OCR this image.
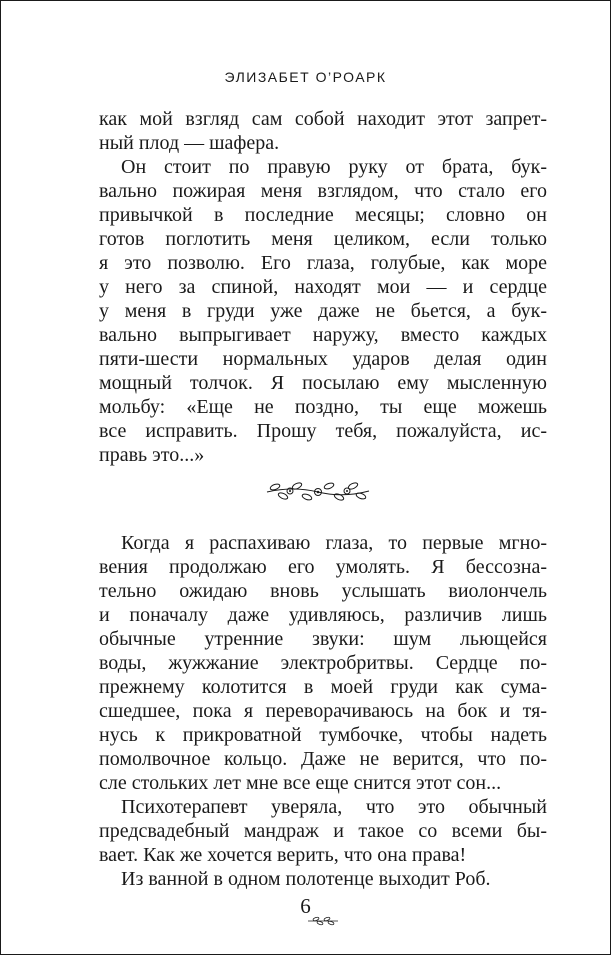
ЭЛИЗАБЕТ О’РОАРК
как мой взгляд сам собой находит этот запрет-
ный плод — шафера.
Он стоит по правую руку от брата, бук-
вально пожирая меня взглядом, что стало его
привычкой в последние месяцы; словно он
готов поглотить меня целиком, если только
я это позволю. Его глаза, голубые, как море
у него за спиной, находят мои — и сердце
у меня в груди уже даже не бьется, а бук-
вально выпрыгивает наружу, вместо каждых
пяти-шести нормальных ударов делая один
мощный толчок. Я посылаю ему мысленную
мольбу: «Еще не поздно, ты еще можешь
все исправить. Прошу тебя, пожалуйста, ис-
правь это...»
Когда я распахиваю глаза, то первые мгно-
вения продолжаю его умолять. Я бессозна-
тельно ожидаю вновь услышать виолончель
и поначалу даже удивляюсь, различив лишь
обычные утренние звуки: шум льющейся
воды, жужжание электробритвы. Сердце по-
прежнему колотится в моей груди как сума-
сшедшее, пока я переворачиваюсь на бок и тя-
нусь к прикроватной тумбочке, чтобы надеть
помолвочное кольцо. Даже не верится, что по-
сле стольких лет мне все еще снится этот сон...
Психотерапевт уверяла, что это обычный
предсвадебный мандраж и такое со всеми бы-
вает. Как же хочется верить, что она права!
Из ванной в одном полотенце выходит Роб.
6
